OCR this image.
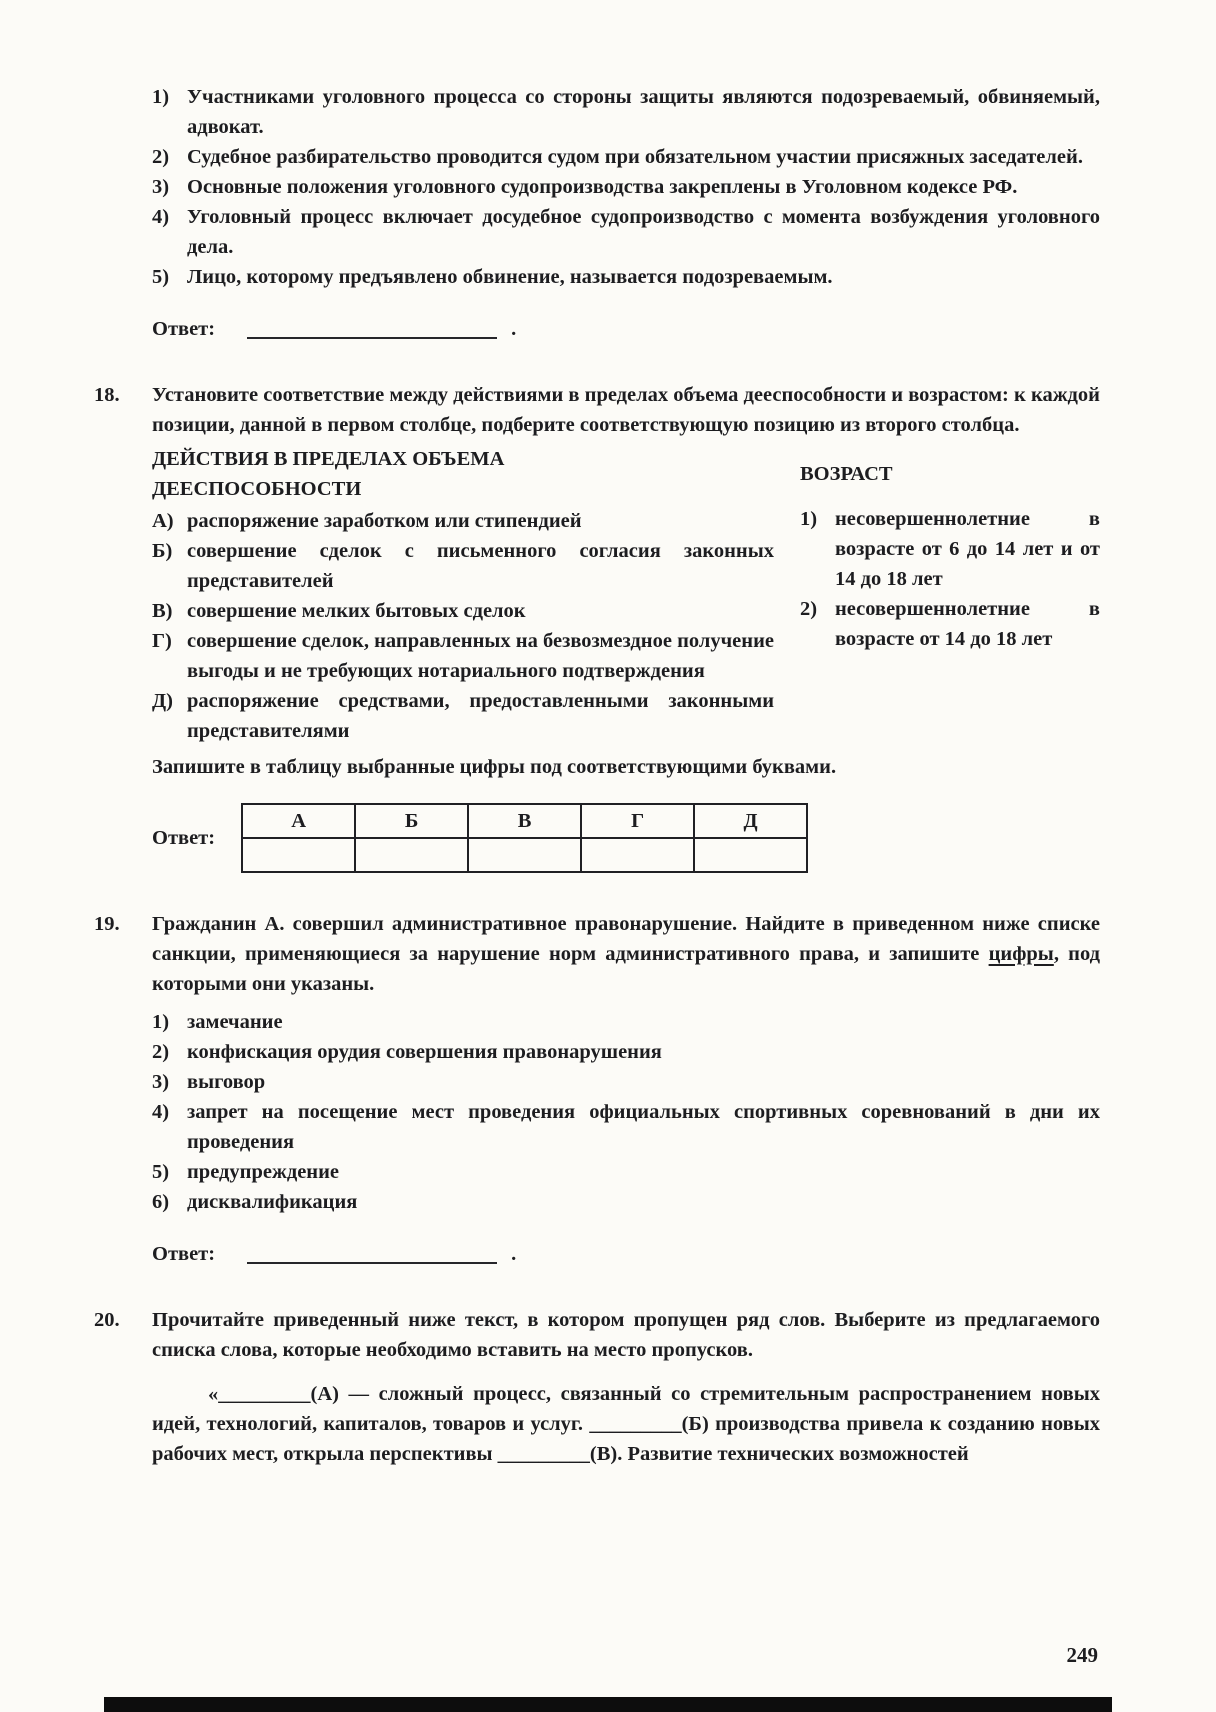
1) Участниками уголовного процесса со стороны защиты являются подозреваемый, обвиняемый, адвокат.
2) Судебное разбирательство проводится судом при обязательном участии присяжных заседателей.
3) Основные положения уголовного судопроизводства закреплены в Уголовном кодексе РФ.
4) Уголовный процесс включает досудебное судопроизводство с момента возбуждения уголовного дела.
5) Лицо, которому предъявлено обвинение, называется подозреваемым.
Ответ:	.
18. Установите соответствие между действиями в пределах объема дееспособности и возрастом: к каждой позиции, данной в первом столбце, подберите соответствующую позицию из второго столбца.

ДЕЙСТВИЯ В ПРЕДЕЛАХ ОБЪЕМА
ДЕЕСПОСОБНОСТИ

А) распоряжение заработком или стипендией
Б) совершение сделок с письменного согласия законных представителей
В) совершение мелких бытовых сделок
Г) совершение сделок, направленных на безвозмездное получение выгоды и не требующих нотариального подтверждения
Д) распоряжение средствами, предоставленными законными представителями

ВОЗРАСТ

1) несовершеннолетние в возрасте от 6 до 14 лет и от 14 до 18 лет
2) несовершеннолетние в возрасте от 14 до 18 лет

Запишите в таблицу выбранные цифры под соответствующими буквами.

Ответ:
А	Б	В	Г	Д

19. Гражданин А. совершил административное правонарушение. Найдите в приведенном ниже списке санкции, применяющиеся за нарушение норм административного права, и запишите цифры, под которыми они указаны.

1) замечание
2) конфискация орудия совершения правонарушения
3) выговор
4) запрет на посещение мест проведения официальных спортивных соревнований в дни их проведения
5) предупреждение
6) дисквалификация
Ответ:	.
20. Прочитайте приведенный ниже текст, в котором пропущен ряд слов. Выберите из предлагаемого списка слова, которые необходимо вставить на место пропусков.

«_________(А) — сложный процесс, связанный со стремительным распространением новых идей, технологий, капиталов, товаров и услуг. _________(Б) производства привела к созданию новых рабочих мест, открыла перспективы _________(В). Развитие технических возможностей

249
